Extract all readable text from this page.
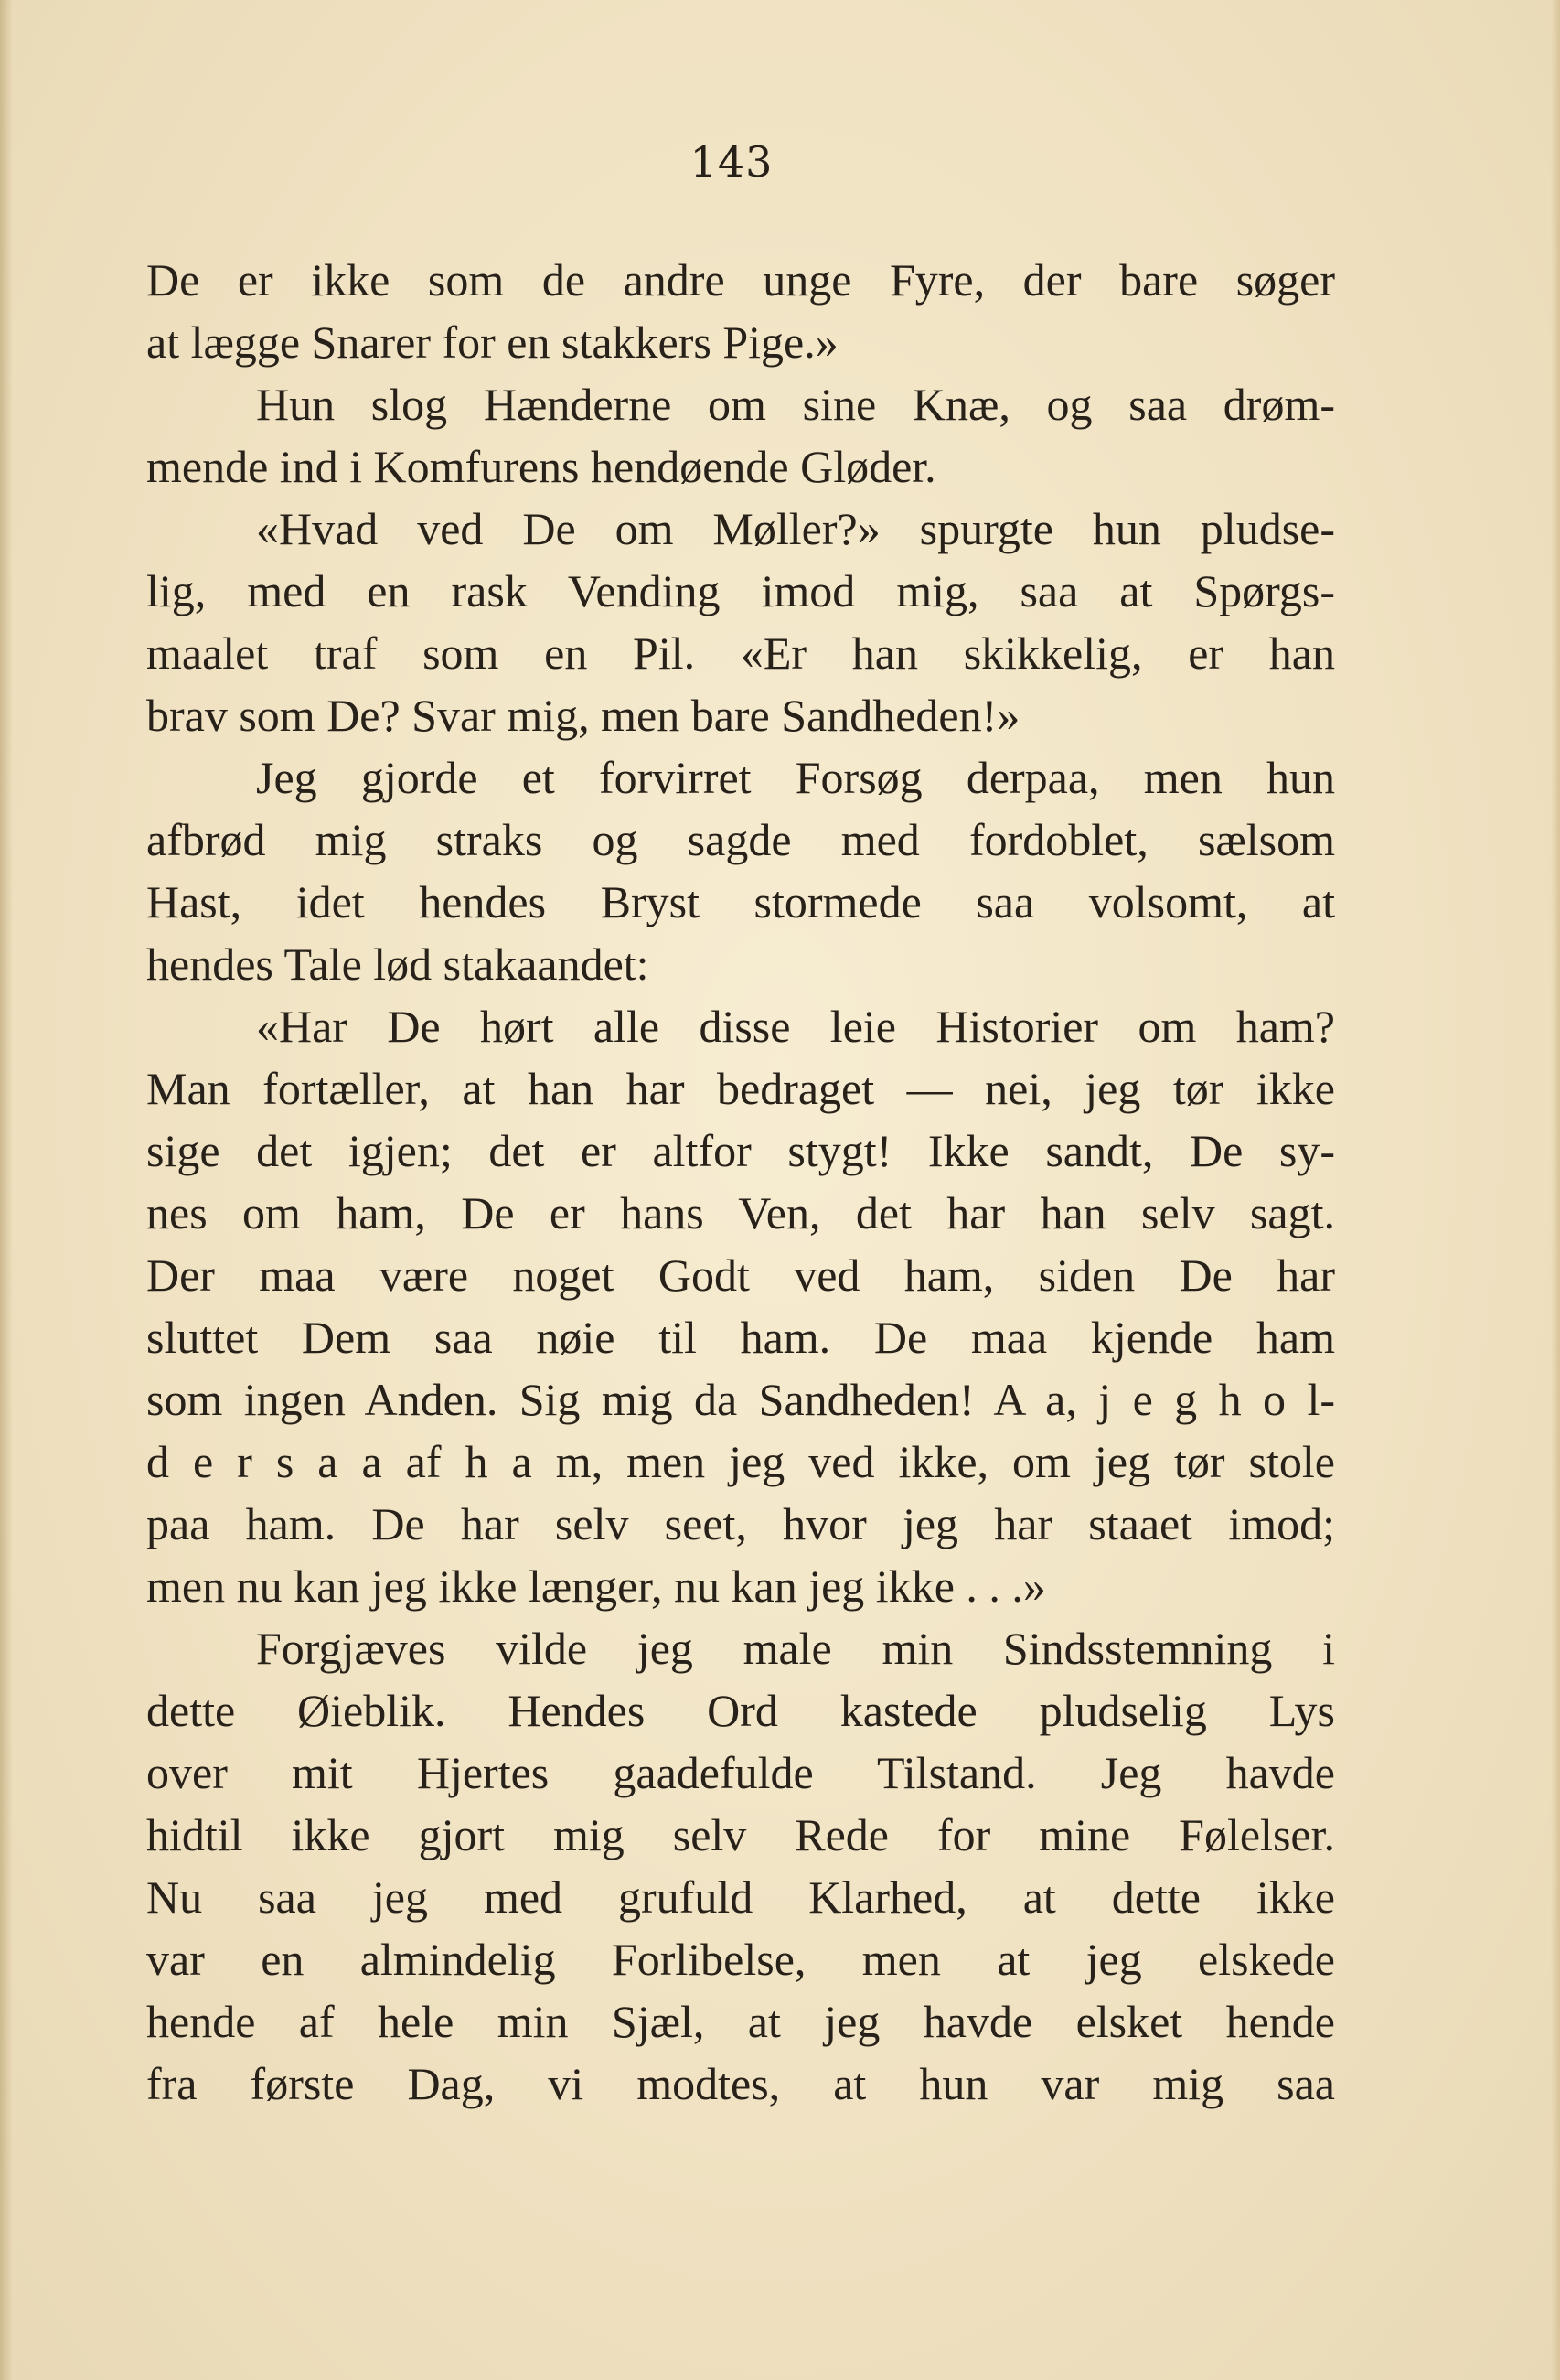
143
De er ikke som de andre unge Fyre, der bare søger
at lægge Snarer for en stakkers Pige.»
Hun slog Hænderne om sine Knæ, og saa drøm-
mende ind i Komfurens hendøende Gløder.
«Hvad ved De om Møller?» spurgte hun pludse-
lig, med en rask Vending imod mig, saa at Spørgs-
maalet traf som en Pil. «Er han skikkelig, er han
brav som De? Svar mig, men bare Sandheden!»
Jeg gjorde et forvirret Forsøg derpaa, men hun
afbrød mig straks og sagde med fordoblet, sælsom
Hast, idet hendes Bryst stormede saa volsomt, at
hendes Tale lød stakaandet:
«Har De hørt alle disse leie Historier om ham?
Man fortæller, at han har bedraget — nei, jeg tør ikke
sige det igjen; det er altfor stygt! Ikke sandt, De sy-
nes om ham, De er hans Ven, det har han selv sagt.
Der maa være noget Godt ved ham, siden De har
sluttet Dem saa nøie til ham. De maa kjende ham
som ingen Anden. Sig mig da Sandheden! A a, j e g h o l-
d e r s a a af h a m, men jeg ved ikke, om jeg tør stole
paa ham. De har selv seet, hvor jeg har staaet imod;
men nu kan jeg ikke længer, nu kan jeg ikke . . .»
Forgjæves vilde jeg male min Sindsstemning i
dette Øieblik. Hendes Ord kastede pludselig Lys
over mit Hjertes gaadefulde Tilstand. Jeg havde
hidtil ikke gjort mig selv Rede for mine Følelser.
Nu saa jeg med grufuld Klarhed, at dette ikke
var en almindelig Forlibelse, men at jeg elskede
hende af hele min Sjæl, at jeg havde elsket hende
fra første Dag, vi modtes, at hun var mig saa
